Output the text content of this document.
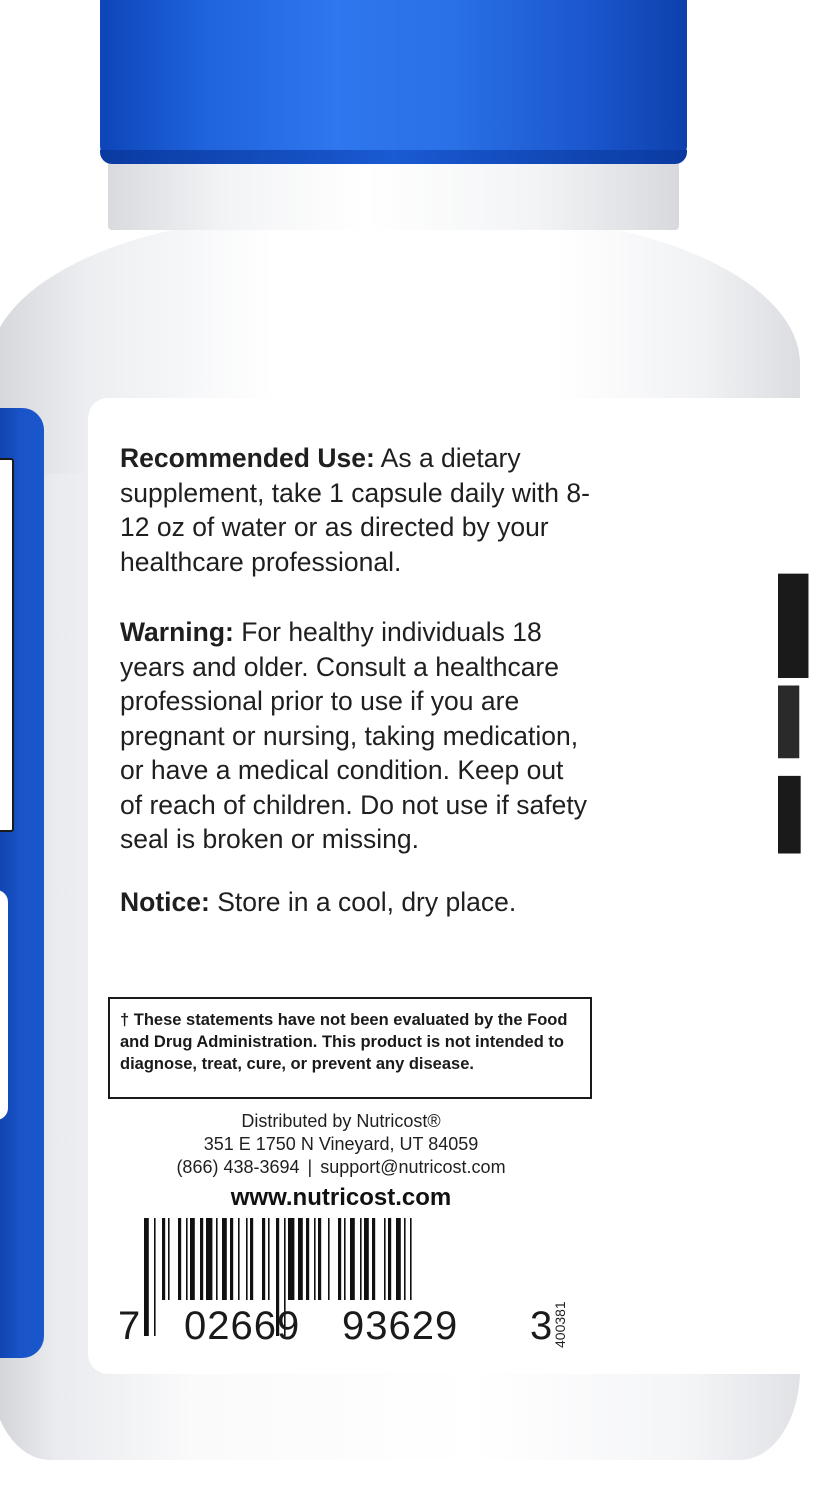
▌
▌
▌
Recommended Use: As a dietary supplement, take 1 capsule daily with 8-12 oz of water or as directed by your healthcare professional.
Warning: For healthy individuals 18 years and older. Consult a healthcare professional prior to use if you are pregnant or nursing, taking medication, or have a medical condition. Keep out of reach of children. Do not use if safety seal is broken or missing.
Notice: Store in a cool, dry place.
† These statements have not been evaluated by the Food and Drug Administration. This product is not intended to diagnose, treat, cure, or prevent any disease.
Distributed by Nutricost®
351 E 1750 N Vineyard, UT 84059
(866) 438-3694 | support@nutricost.com
www.nutricost.com
7 02669 93629 3
400381
